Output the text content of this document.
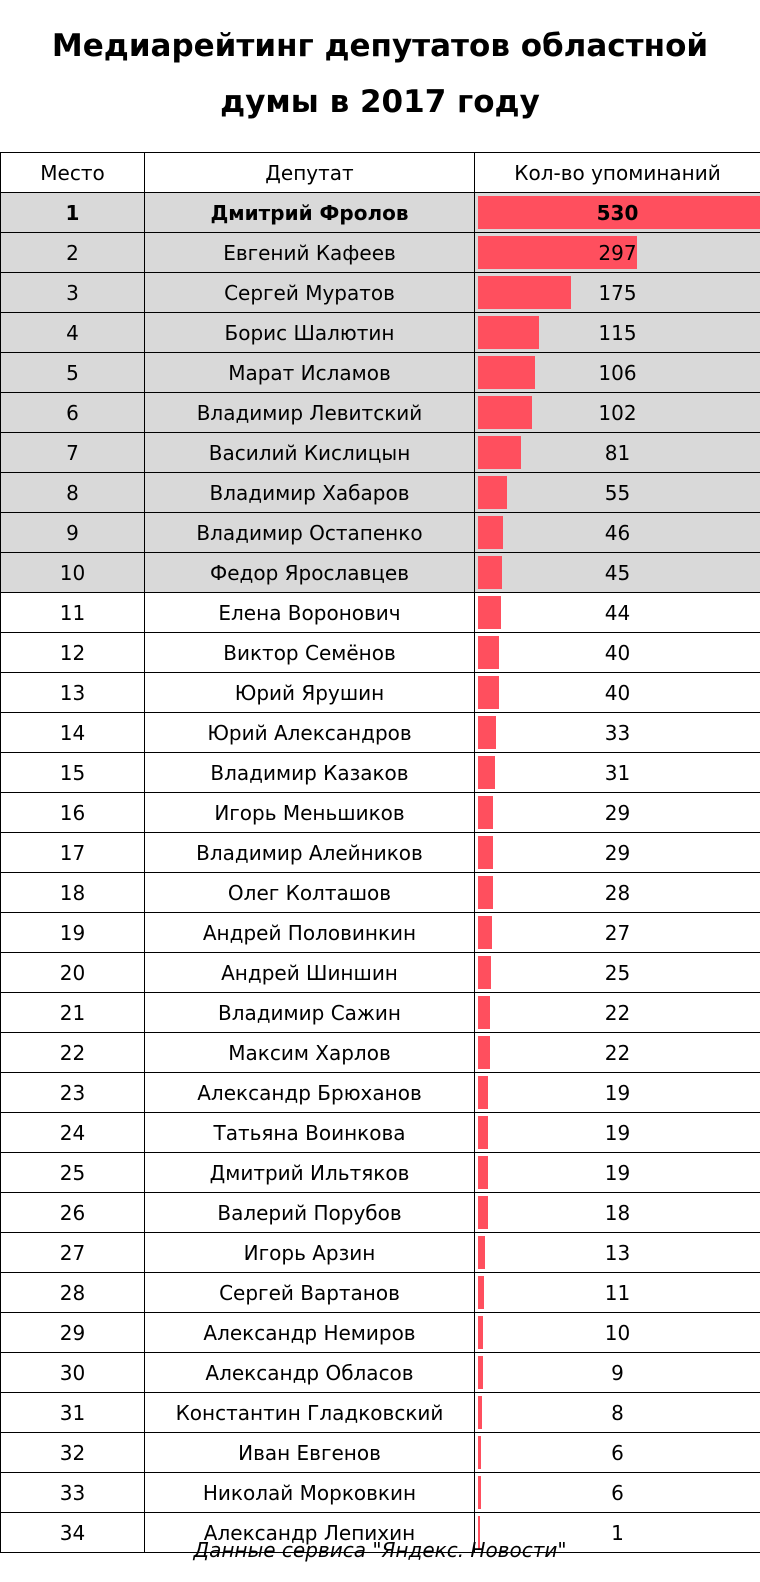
Медиарейтинг депутатов областной
думы в 2017 году
Место	Депутат	Кол-во упоминаний
1	Дмитрий Фролов	530
2	Евгений Кафеев	297
3	Сергей Муратов	175
4	Борис Шалютин	115
5	Марат Исламов	106
6	Владимир Левитский	102
7	Василий Кислицын	81
8	Владимир Хабаров	55
9	Владимир Остапенко	46
10	Федор Ярославцев	45
11	Елена Воронович	44
12	Виктор Семёнов	40
13	Юрий Ярушин	40
14	Юрий Александров	33
15	Владимир Казаков	31
16	Игорь Меньшиков	29
17	Владимир Алейников	29
18	Олег Колташов	28
19	Андрей Половинкин	27
20	Андрей Шиншин	25
21	Владимир Сажин	22
22	Максим Харлов	22
23	Александр Брюханов	19
24	Татьяна Воинкова	19
25	Дмитрий Ильтяков	19
26	Валерий Порубов	18
27	Игорь Арзин	13
28	Сергей Вартанов	11
29	Александр Немиров	10
30	Александр Обласов	9
31	Константин Гладковский	8
32	Иван Евгенов	6
33	Николай Морковкин	6
34	Александр Лепихин	1
Данные сервиса "Яндекс. Новости"
